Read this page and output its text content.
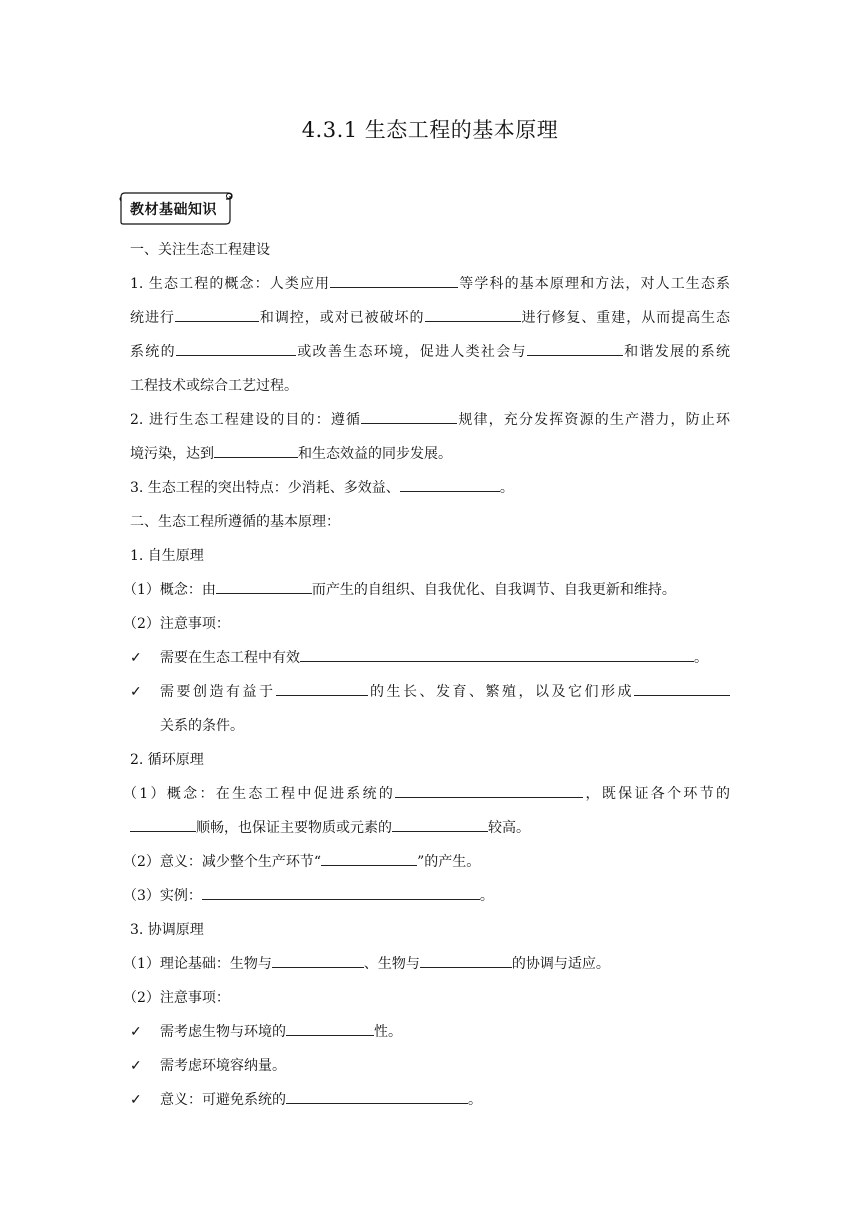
4.3.1 生态工程的基本原理
教材基础知识

一、关注生态工程建设

1. 生态工程的概念：人类应用	等学科的基本原理和方法，对人工生态系

统进行	和调控，或对已被破坏的	进行修复、重建，从而提高生态

系统的	或改善生态环境，促进人类社会与	和谐发展的系统

工程技术或综合工艺过程。

2. 进行生态工程建设的目的：遵循	规律，充分发挥资源的生产潜力，防止环

境污染，达到	和生态效益的同步发展。

3. 生态工程的突出特点：少消耗、多效益、	。

二、生态工程所遵循的基本原理：

1. 自生原理

（1）概念：由	而产生的自组织、自我优化、自我调节、自我更新和维持。

（2）注意事项：

✓ 需要在生态工程中有效	。

✓ 需要创造有益于	的生长、发育、繁殖，以及它们形成

关系的条件。

2. 循环原理

（1）概念：在生态工程中促进系统的	，既保证各个环节的

顺畅，也保证主要物质或元素的	较高。

（2）意义：减少整个生产环节“	”的产生。

（3）实例：	。

3. 协调原理

（1）理论基础：生物与	、生物与	的协调与适应。

（2）注意事项：

✓ 需考虑生物与环境的	性。

✓ 需考虑环境容纳量。

✓ 意义：可避免系统的	。
